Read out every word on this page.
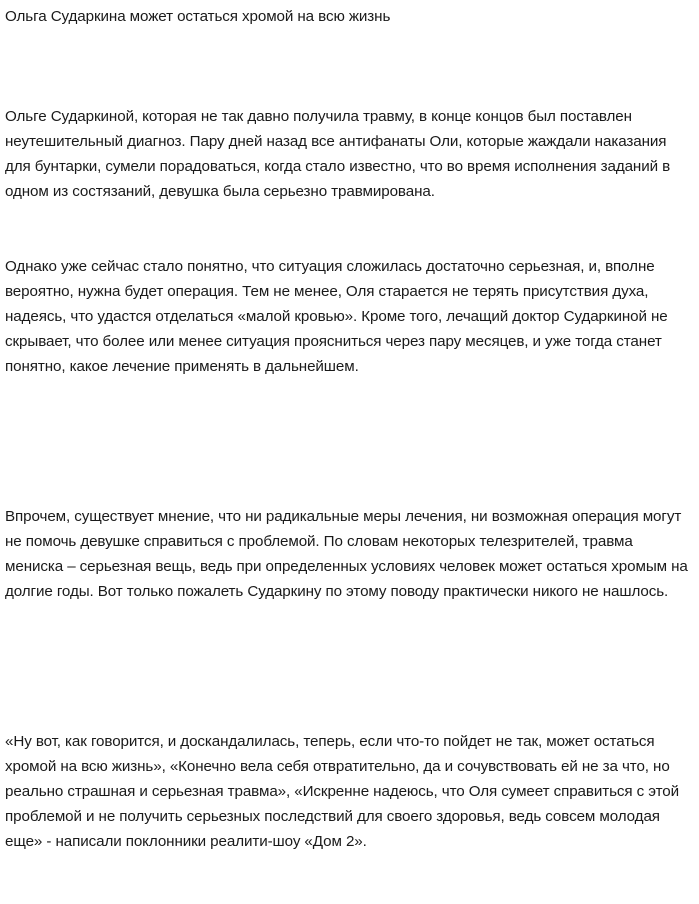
Ольга Сударкина может остаться хромой на всю жизнь

Ольге Сударкиной, которая не так давно получила травму, в конце концов был поставлен неутешительный диагноз. Пару дней назад все антифанаты Оли, которые жаждали наказания для бунтарки, сумели порадоваться, когда стало известно, что во время исполнения заданий в одном из состязаний, девушка была серьезно травмирована.

Однако уже сейчас стало понятно, что ситуация сложилась достаточно серьезная, и, вполне вероятно, нужна будет операция. Тем не менее, Оля старается не терять присутствия духа, надеясь, что удастся отделаться «малой кровью». Кроме того, лечащий доктор Сударкиной не скрывает, что более или менее ситуация проясниться через пару месяцев, и уже тогда станет понятно, какое лечение применять в дальнейшем.

Впрочем, существует мнение, что ни радикальные меры лечения, ни возможная операция могут не помочь девушке справиться с проблемой. По словам некоторых телезрителей, травма мениска – серьезная вещь, ведь при определенных условиях человек может остаться хромым на долгие годы. Вот только пожалеть Сударкину по этому поводу практически никого не нашлось.

«Ну вот, как говорится, и доскандалилась, теперь, если что-то пойдет не так, может остаться хромой на всю жизнь», «Конечно вела себя отвратительно, да и сочувствовать ей не за что, но реально страшная и серьезная травма», «Искренне надеюсь, что Оля сумеет справиться с этой проблемой и не получить серьезных последствий для своего здоровья, ведь совсем молодая еще» - написали поклонники реалити-шоу «Дом 2».
